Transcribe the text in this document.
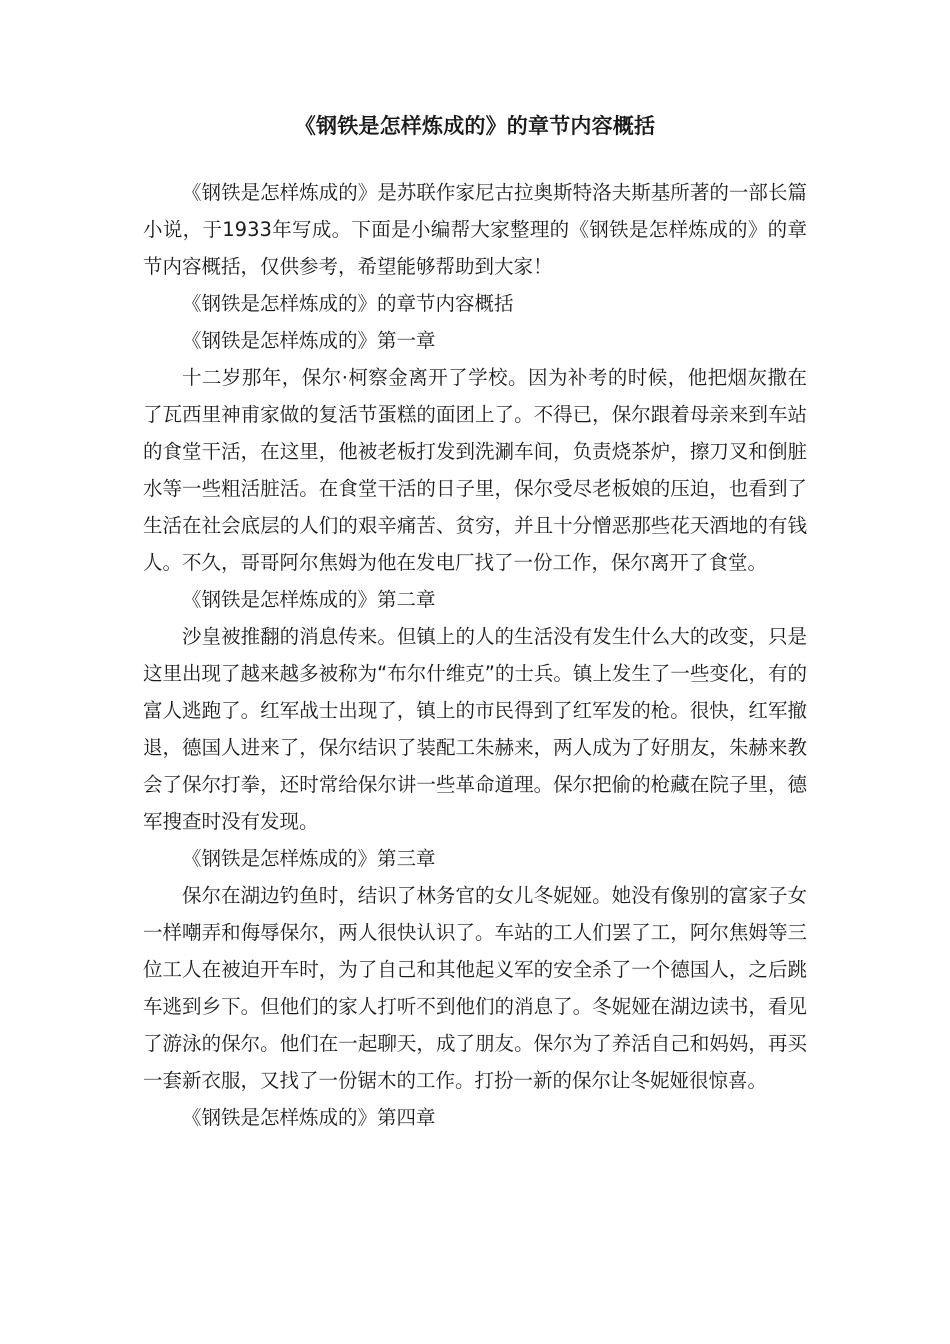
《钢铁是怎样炼成的》的章节内容概括

《钢铁是怎样炼成的》是苏联作家尼古拉奥斯特洛夫斯基所著的一部长篇小说，于1933年写成。下面是小编帮大家整理的《钢铁是怎样炼成的》的章节内容概括，仅供参考，希望能够帮助到大家！

《钢铁是怎样炼成的》的章节内容概括

《钢铁是怎样炼成的》第一章

十二岁那年，保尔·柯察金离开了学校。因为补考的时候，他把烟灰撒在了瓦西里神甫家做的复活节蛋糕的面团上了。不得已，保尔跟着母亲来到车站的食堂干活，在这里，他被老板打发到洗涮车间，负责烧茶炉，擦刀叉和倒脏水等一些粗活脏活。在食堂干活的日子里，保尔受尽老板娘的压迫，也看到了生活在社会底层的人们的艰辛痛苦、贫穷，并且十分憎恶那些花天酒地的有钱人。不久，哥哥阿尔焦姆为他在发电厂找了一份工作，保尔离开了食堂。

《钢铁是怎样炼成的》第二章

沙皇被推翻的消息传来。但镇上的人的生活没有发生什么大的改变，只是这里出现了越来越多被称为“布尔什维克”的士兵。镇上发生了一些变化，有的富人逃跑了。红军战士出现了，镇上的市民得到了红军发的枪。很快，红军撤退，德国人进来了，保尔结识了装配工朱赫来，两人成为了好朋友，朱赫来教会了保尔打拳，还时常给保尔讲一些革命道理。保尔把偷的枪藏在院子里，德军搜查时没有发现。

《钢铁是怎样炼成的》第三章

保尔在湖边钓鱼时，结识了林务官的女儿冬妮娅。她没有像别的富家子女一样嘲弄和侮辱保尔，两人很快认识了。车站的工人们罢了工，阿尔焦姆等三位工人在被迫开车时，为了自己和其他起义军的安全杀了一个德国人，之后跳车逃到乡下。但他们的家人打听不到他们的消息了。冬妮娅在湖边读书，看见了游泳的保尔。他们在一起聊天，成了朋友。保尔为了养活自己和妈妈，再买一套新衣服，又找了一份锯木的工作。打扮一新的保尔让冬妮娅很惊喜。

《钢铁是怎样炼成的》第四章
